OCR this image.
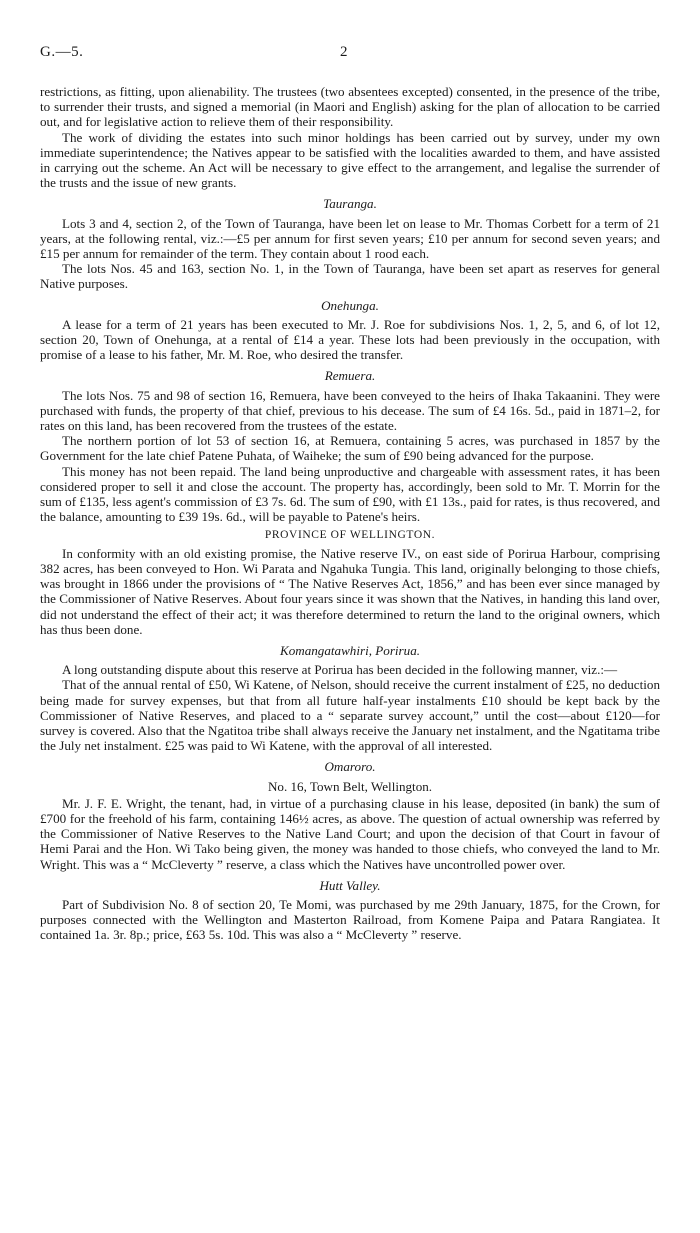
G.—5.	2

restrictions, as fitting, upon alienability. The trustees (two absentees excepted) consented, in the presence of the tribe, to surrender their trusts, and signed a memorial (in Maori and English) asking for the plan of allocation to be carried out, and for legislative action to relieve them of their responsibility.

The work of dividing the estates into such minor holdings has been carried out by survey, under my own immediate superintendence; the Natives appear to be satisfied with the localities awarded to them, and have assisted in carrying out the scheme. An Act will be necessary to give effect to the arrangement, and legalise the surrender of the trusts and the issue of new grants.

Tauranga.

Lots 3 and 4, section 2, of the Town of Tauranga, have been let on lease to Mr. Thomas Corbett for a term of 21 years, at the following rental, viz.:—£5 per annum for first seven years; £10 per annum for second seven years; and £15 per annum for remainder of the term. They contain about 1 rood each.

The lots Nos. 45 and 163, section No. 1, in the Town of Tauranga, have been set apart as reserves for general Native purposes.

Onehunga.

A lease for a term of 21 years has been executed to Mr. J. Roe for subdivisions Nos. 1, 2, 5, and 6, of lot 12, section 20, Town of Onehunga, at a rental of £14 a year. These lots had been previously in the occupation, with promise of a lease to his father, Mr. M. Roe, who desired the transfer.

Remuera.

The lots Nos. 75 and 98 of section 16, Remuera, have been conveyed to the heirs of Ihaka Takaanini. They were purchased with funds, the property of that chief, previous to his decease. The sum of £4 16s. 5d., paid in 1871–2, for rates on this land, has been recovered from the trustees of the estate.

The northern portion of lot 53 of section 16, at Remuera, containing 5 acres, was purchased in 1857 by the Government for the late chief Patene Puhata, of Waiheke; the sum of £90 being advanced for the purpose.

This money has not been repaid. The land being unproductive and chargeable with assessment rates, it has been considered proper to sell it and close the account. The property has, accordingly, been sold to Mr. T. Morrin for the sum of £135, less agent's commission of £3 7s. 6d. The sum of £90, with £1 13s., paid for rates, is thus recovered, and the balance, amounting to £39 19s. 6d., will be payable to Patene's heirs.

PROVINCE OF WELLINGTON.

In conformity with an old existing promise, the Native reserve IV., on east side of Porirua Harbour, comprising 382 acres, has been conveyed to Hon. Wi Parata and Ngahuka Tungia. This land, originally belonging to those chiefs, was brought in 1866 under the provisions of “ The Native Reserves Act, 1856,” and has been ever since managed by the Commissioner of Native Reserves. About four years since it was shown that the Natives, in handing this land over, did not understand the effect of their act; it was therefore determined to return the land to the original owners, which has thus been done.

Komangatawhiri, Porirua.

A long outstanding dispute about this reserve at Porirua has been decided in the following manner, viz.:—

That of the annual rental of £50, Wi Katene, of Nelson, should receive the current instalment of £25, no deduction being made for survey expenses, but that from all future half-year instalments £10 should be kept back by the Commissioner of Native Reserves, and placed to a “ separate survey account,” until the cost—about £120—for survey is covered. Also that the Ngatitoa tribe shall always receive the January net instalment, and the Ngatitama tribe the July net instalment. £25 was paid to Wi Katene, with the approval of all interested.

Omaroro.
No. 16, Town Belt, Wellington.

Mr. J. F. E. Wright, the tenant, had, in virtue of a purchasing clause in his lease, deposited (in bank) the sum of £700 for the freehold of his farm, containing 146½ acres, as above. The question of actual ownership was referred by the Commissioner of Native Reserves to the Native Land Court; and upon the decision of that Court in favour of Hemi Parai and the Hon. Wi Tako being given, the money was handed to those chiefs, who conveyed the land to Mr. Wright. This was a “ McCleverty ” reserve, a class which the Natives have uncontrolled power over.

Hutt Valley.

Part of Subdivision No. 8 of section 20, Te Momi, was purchased by me 29th January, 1875, for the Crown, for purposes connected with the Wellington and Masterton Railroad, from Komene Paipa and Patara Rangiatea. It contained 1a. 3r. 8p.; price, £63 5s. 10d. This was also a “ McCleverty ” reserve.
